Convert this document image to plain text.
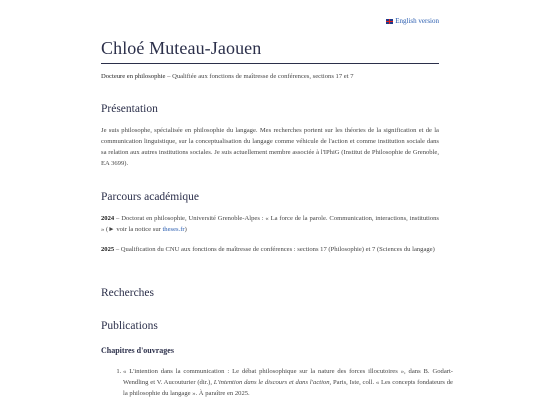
English version
Chloé Muteau-Jaouen
Docteure en philosophie – Qualifiée aux fonctions de maîtresse de conférences, sections 17 et 7
Présentation

Je suis philosophe, spécialisée en philosophie du langage. Mes recherches portent sur les théories de la signification et de la communication linguistique, sur la conceptualisation du langage comme véhicule de l'action et comme institution sociale dans sa relation aux autres institutions sociales. Je suis actuellement membre associée à l'IPhiG (Institut de Philosophie de Grenoble, EA 3699).

Parcours académique

2024 – Doctorat en philosophie, Université Grenoble-Alpes : « La force de la parole. Communication, interactions, institutions » (► voir la notice sur theses.fr)

2025 – Qualification du CNU aux fonctions de maîtresse de conférences : sections 17 (Philosophie) et 7 (Sciences du langage)

Recherches
Publications
Chapitres d'ouvrages
1. « L'intention dans la communication : Le débat philosophique sur la nature des forces illocutoires », dans B. Godart-Wendling et V. Aucouturier (dir.), L'intention dans le discours et dans l'action, Paris, Iste, coll. « Les concepts fondateurs de la philosophie du langage ». À paraître en 2025.
